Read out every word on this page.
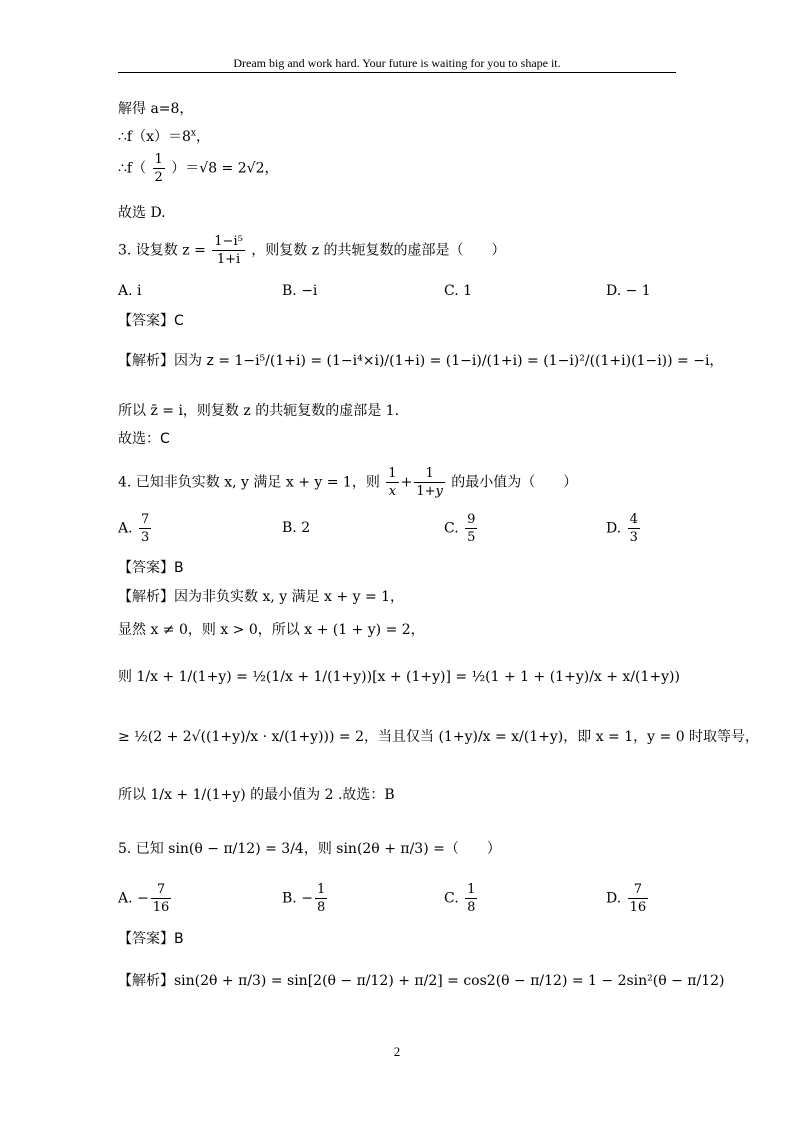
Dream big and work hard. Your future is waiting for you to shape it.
解得 a=8，
$\therefore f(x)=8^x$，
∴f（ $\frac{1}{2} )=√8 = 2√2$，
故选 D.
3. 设复数 $z = \frac{\text{1−i⁵}}{1+i}$ ，则复数 z 的共轭复数的虚部是（　　）
A. i	B. −i	C. 1	D. − 1
【答案】C
【解析】因为 z = 1−i⁵/(1+i) = (1−i⁴×i)/(1+i) = (1−i)/(1+i) = (1−i)²/((1+i)(1−i)) = −i，
所以 z̄ = i，则复数 z 的共轭复数的虚部是 1.
故选：C
4. 已知非负实数 x, y 满足 x + y = 1，则 $\frac{1}{x} + \frac{1}{1+y}$ 的最小值为（　　）
A. $\frac{7}{3}$	B. 2	C. $\frac{9}{5}$	D. $\frac{4}{3}$
【答案】B
【解析】因为非负实数 x, y 满足 x + y = 1，
显然 x ≠ 0，则 x > 0，所以 x + (1 + y) = 2，
则 1/x + 1/(1+y) = ½(1/x + 1/(1+y))[x + (1+y)] = ½(1 + 1 + (1+y)/x + x/(1+y))
≥ ½(2 + 2√((1+y)/x · x/(1+y))) = 2，当且仅当 (1+y)/x = x/(1+y)，即 x = 1，y = 0 时取等号，
所以 1/x + 1/(1+y) 的最小值为 2 .故选：B
5. 已知 sin(θ − π/12) = 3/4，则 sin(2θ + π/3) =（　　）
A. − $\frac{7}{16}$	B. − $\frac{1}{8}$	C. $\frac{1}{8}$	D. $\frac{7}{16}$
【答案】B
【解析】sin(2θ + π/3) = sin[2(θ − π/12) + π/2] = cos2(θ − π/12) = 1 − 2sin²(θ − π/12)
2
